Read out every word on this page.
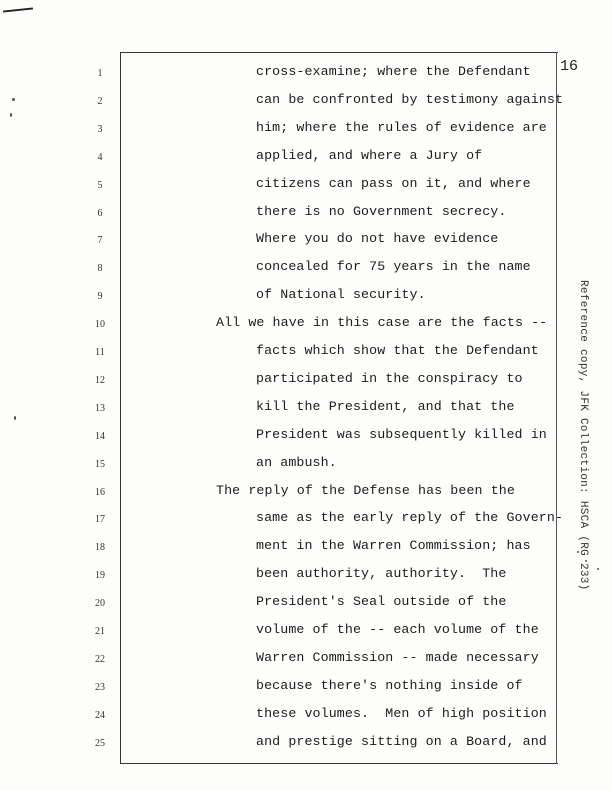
16
Reference copy, JFK Collection: HSCA (RG 233)
1
2
3
4
5
6
7
8
9
10
11
12
13
14
15
16
17
18
19
20
21
22
23
24
25
cross-examine; where the Defendant
can be confronted by testimony against
him; where the rules of evidence are
applied, and where a Jury of
citizens can pass on it, and where
there is no Government secrecy.
Where you do not have evidence
concealed for 75 years in the name
of National security.
All we have in this case are the facts --
facts which show that the Defendant
participated in the conspiracy to
kill the President, and that the
President was subsequently killed in
an ambush.
The reply of the Defense has been the
same as the early reply of the Govern-
ment in the Warren Commission; has
been authority, authority.  The
President's Seal outside of the
volume of the -- each volume of the
Warren Commission -- made necessary
because there's nothing inside of
these volumes.  Men of high position
and prestige sitting on a Board, and
